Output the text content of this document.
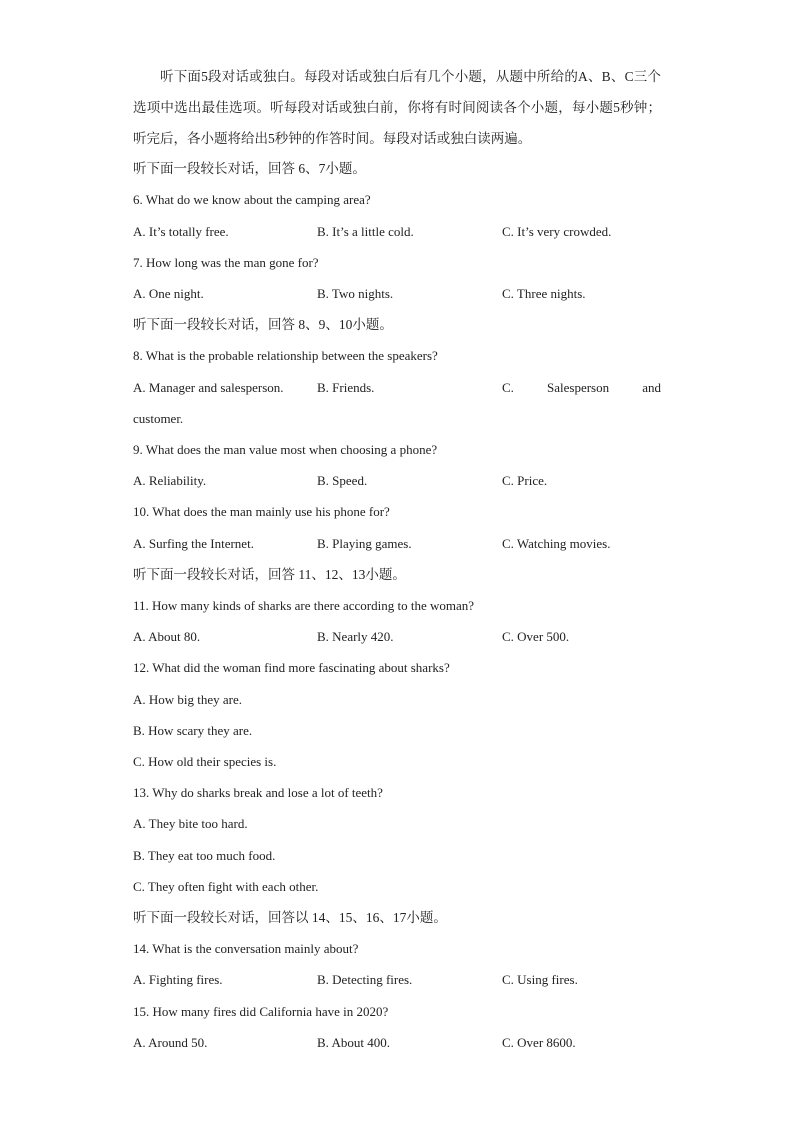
听下面5段对话或独白。每段对话或独白后有几个小题，从题中所给的A、B、C三个选项中选出最佳选项。听每段对话或独白前，你将有时间阅读各个小题，每小题5秒钟；听完后，各小题将给出5秒钟的作答时间。每段对话或独白读两遍。
听下面一段较长对话，回答 6、7小题。
6. What do we know about the camping area?
A. It’s totally free.	B. It’s a little cold.	C. It’s very crowded.
7. How long was the man gone for?
A. One night.	B. Two nights.	C. Three nights.
听下面一段较长对话，回答 8、9、10小题。
8. What is the probable relationship between the speakers?
A. Manager and salesperson.	B. Friends.	C.	Salesperson	and
customer.
9. What does the man value most when choosing a phone?
A. Reliability.	B. Speed.	C. Price.
10. What does the man mainly use his phone for?
A. Surfing the Internet.	B. Playing games.	C. Watching movies.
听下面一段较长对话，回答 11、12、13小题。
11. How many kinds of sharks are there according to the woman?
A. About 80.	B. Nearly 420.	C. Over 500.
12. What did the woman find more fascinating about sharks?
A. How big they are.
B. How scary they are.
C. How old their species is.
13. Why do sharks break and lose a lot of teeth?
A. They bite too hard.
B. They eat too much food.
C. They often fight with each other.
听下面一段较长对话，回答以 14、15、16、17小题。
14. What is the conversation mainly about?
A. Fighting fires.	B. Detecting fires.	C. Using fires.
15. How many fires did California have in 2020?
A. Around 50.	B. About 400.	C. Over 8600.
